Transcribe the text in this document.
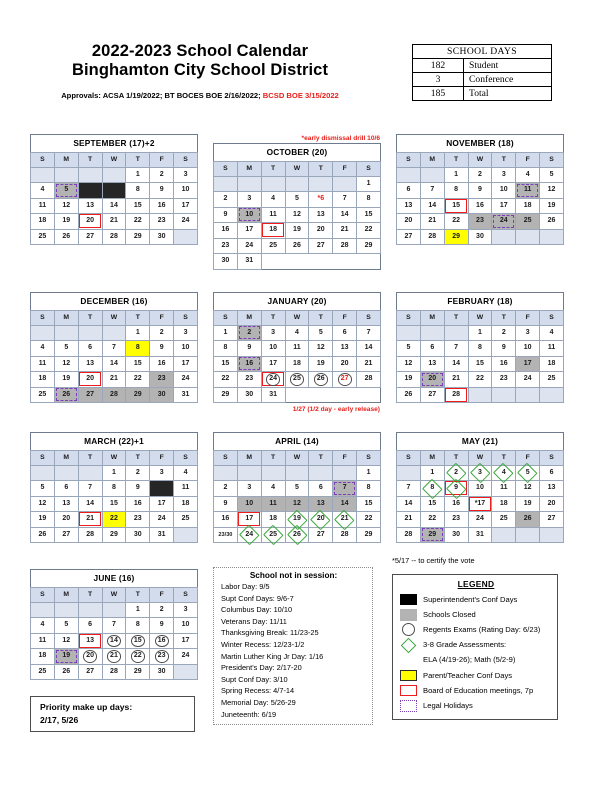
2022-2023 School Calendar
Binghamton City School District
Approvals: ACSA 1/19/2022; BT BOCES BOE 2/16/2022; BCSD BOE 3/15/2022
SCHOOL DAYS	
182	Student
3	Conference
185	Total
SEPTEMBER (17)+2
S	M	T	W	T	F	S
				1	2	3
4	5	6	7	8	9	10
11	12	13	14	15	16	17
18	19	20	21	22	23	24
25	26	27	28	29	30	
*early dismissal drill 10/6
OCTOBER (20)
S	M	T	W	T	F	S
						1
2	3	4	5	*6	7	8
9	10	11	12	13	14	15
16	17	18	19	20	21	22
23	24	25	26	27	28	29
30	31					
NOVEMBER (18)
S	M	T	W	T	F	S
		1	2	3	4	5
6	7	8	9	10	11	12
13	14	15	16	17	18	19
20	21	22	23	24	25	26
27	28	29	30			
DECEMBER (16)
S	M	T	W	T	F	S
				1	2	3
4	5	6	7	8	9	10
11	12	13	14	15	16	17
18	19	20	21	22	23	24
25	26	27	28	29	30	31
JANUARY (20)
S	M	T	W	T	F	S
1	2	3	4	5	6	7
8	9	10	11	12	13	14
15	16	17	18	19	20	21
22	23	24	25	26	27	28
29	30	31				
1/27 (1/2 day - early release)
FEBRUARY (18)
S	M	T	W	T	F	S
			1	2	3	4
5	6	7	8	9	10	11
12	13	14	15	16	17	18
19	20	21	22	23	24	25
26	27	28				
MARCH (22)+1
S	M	T	W	T	F	S
			1	2	3	4
5	6	7	8	9	10	11
12	13	14	15	16	17	18
19	20	21	22	23	24	25
26	27	28	29	30	31	
APRIL (14)
S	M	T	W	T	F	S
						1
2	3	4	5	6	7	8
9	10	11	12	13	14	15
16	17	18	19	20	21	22
23/30	24	25	26	27	28	29
MAY (21)
S	M	T	W	T	F	S
	1	2	3	4	5	6
7	8	9	10	11	12	13
14	15	16	*17	18	19	20
21	22	23	24	25	26	27
28	29	30	31			
JUNE (16)
S	M	T	W	T	F	S
				1	2	3
4	5	6	7	8	9	10
11	12	13	14	15	16	17
18	19	20	21	22	23	24
25	26	27	28	29	30	
School not in session:
Labor Day: 9/5
Supt Conf Days: 9/6-7
Columbus Day: 10/10
Veterans Day: 11/11
Thanksgiving Break: 11/23-25
Winter Recess: 12/23-1/2
Martin Luther King Jr Day: 1/16
President's Day: 2/17-20
Supt Conf Day: 3/10
Spring Recess: 4/7-14
Memorial Day: 5/26-29
Juneteenth: 6/19
Priority make up days:
2/17, 5/26
*5/17 -- to certify the vote
LEGEND
Superintendent's Conf Days
Schools Closed
Regents Exams (Rating Day: 6/23)
3-8 Grade Assessments:
ELA (4/19-26); Math (5/2-9)
Parent/Teacher Conf Days
Board of Education meetings, 7p
Legal Holidays
